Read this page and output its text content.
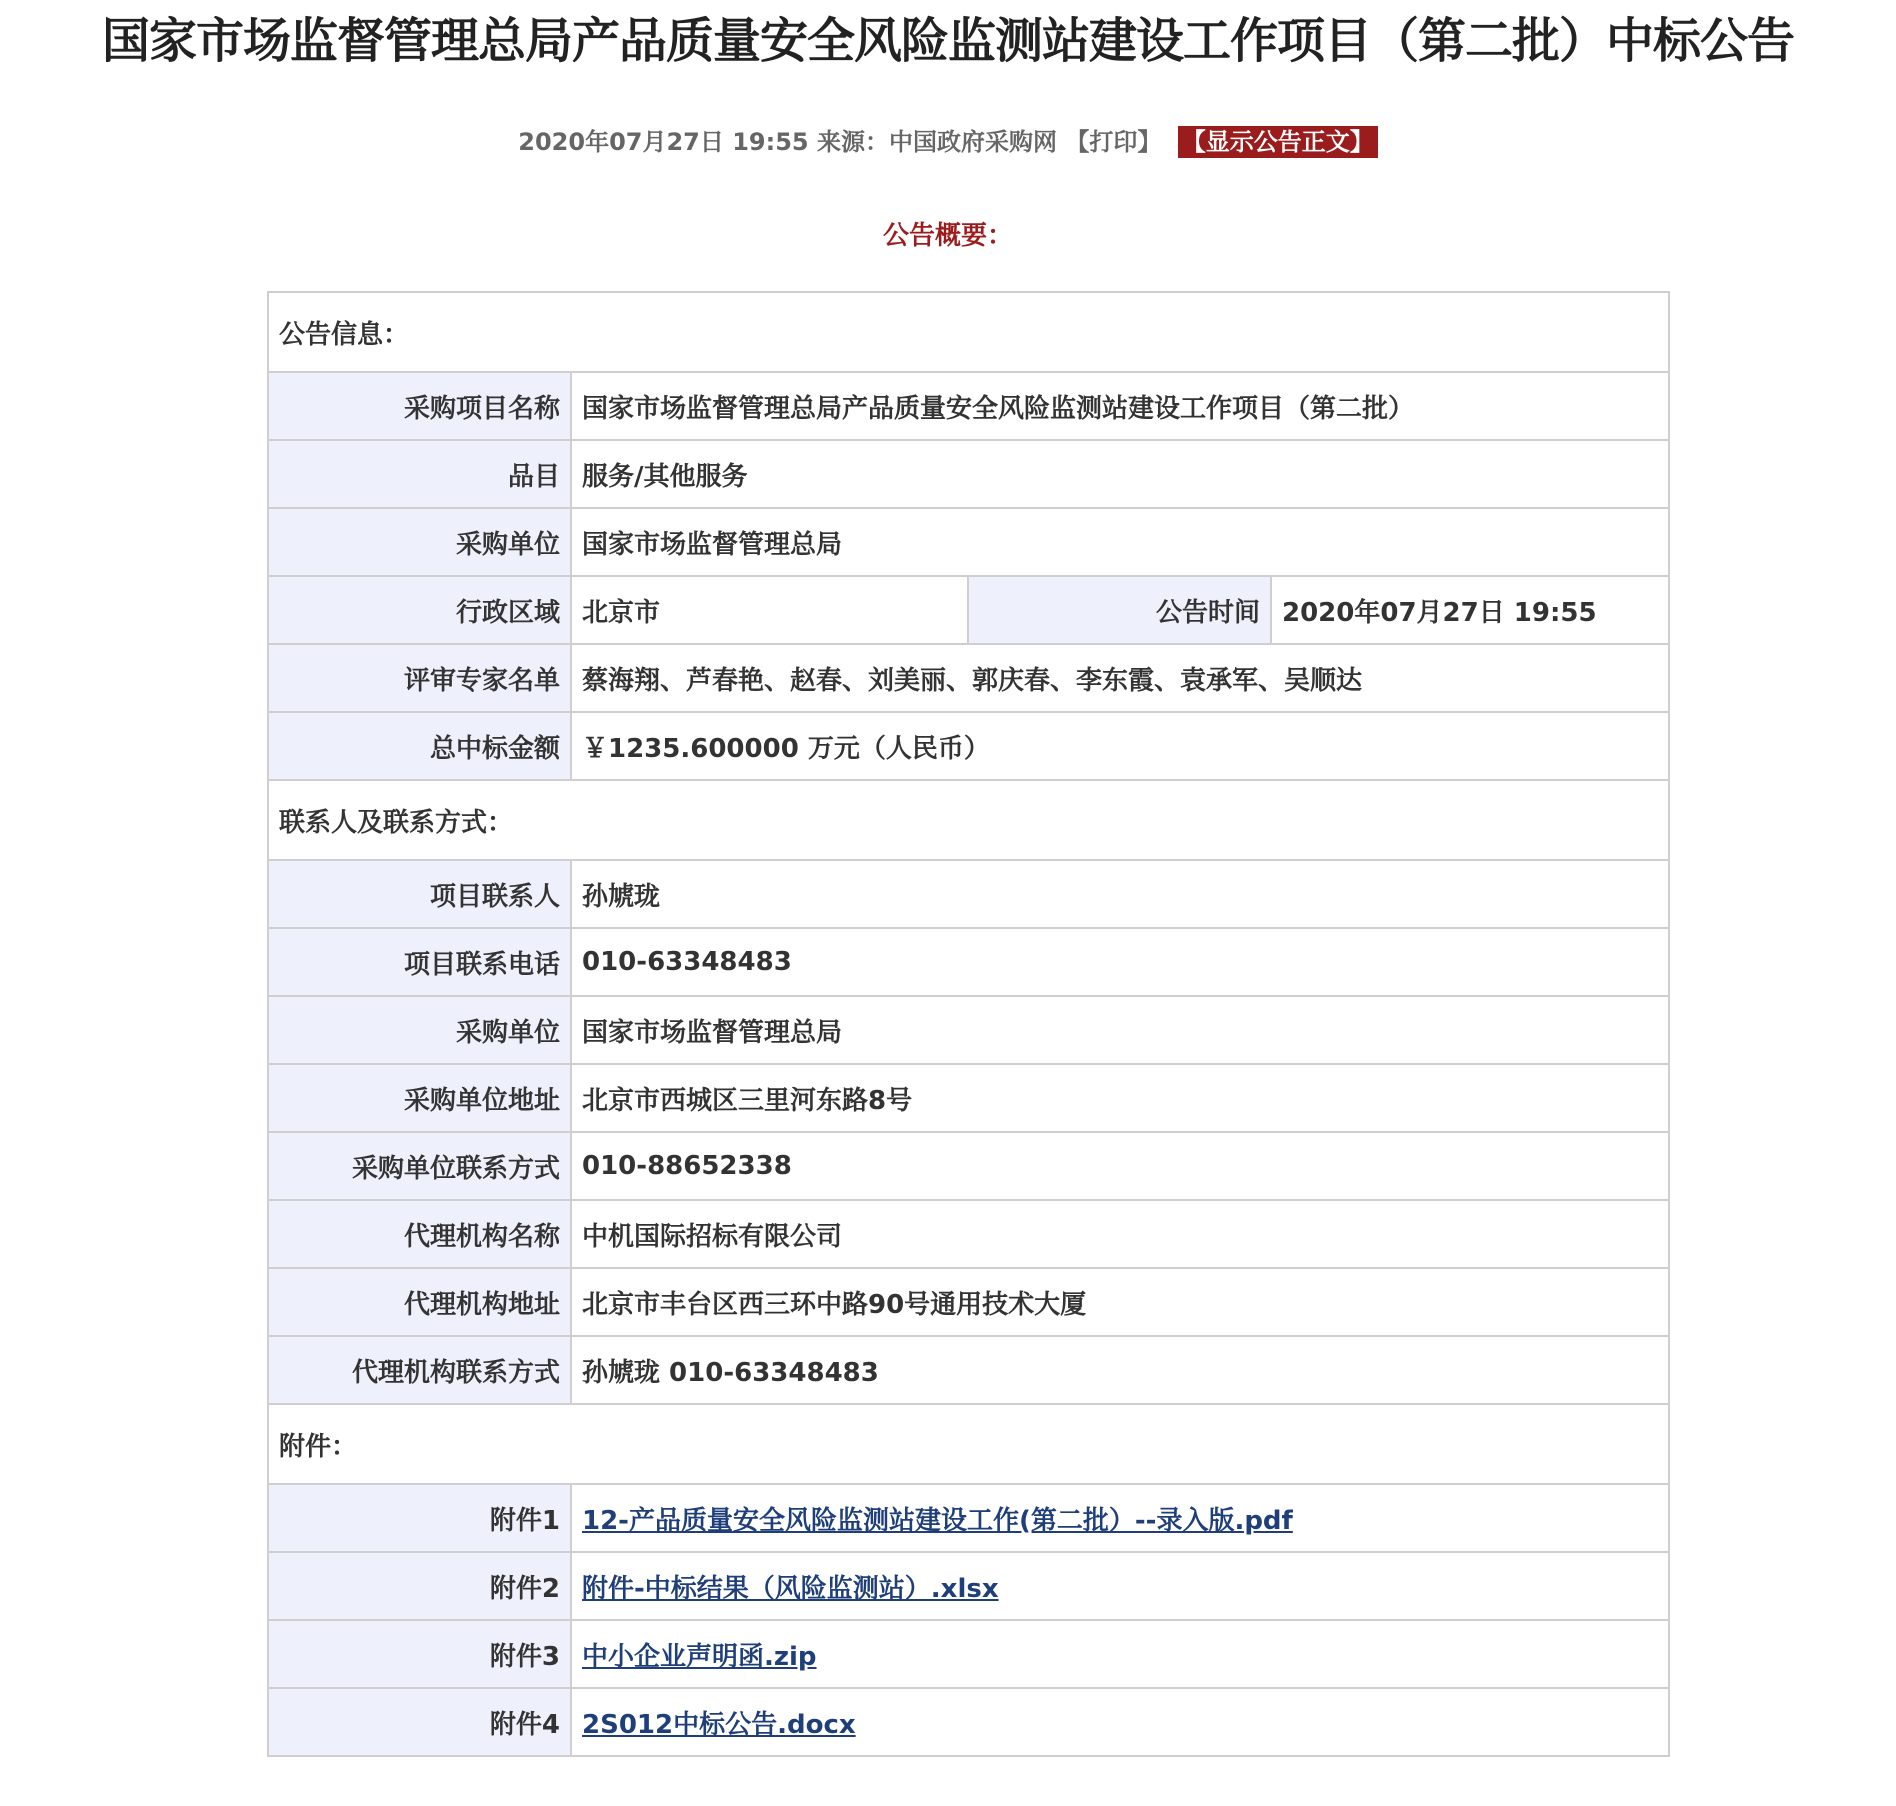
国家市场监督管理总局产品质量安全风险监测站建设工作项目（第二批）中标公告
2020年07月27日 19:55 来源：中国政府采购网 【打印】 【显示公告正文】
公告概要：
公告信息：			
采购项目名称	国家市场监督管理总局产品质量安全风险监测站建设工作项目（第二批）		
品目	服务/其他服务		
采购单位	国家市场监督管理总局		
行政区域	北京市	公告时间	2020年07月27日 19:55
评审专家名单	蔡海翔、芦春艳、赵春、刘美丽、郭庆春、李东霞、袁承军、吴顺达		
总中标金额	￥1235.600000 万元（人民币）		
联系人及联系方式：			
项目联系人	孙虓珑		
项目联系电话	010-63348483		
采购单位	国家市场监督管理总局		
采购单位地址	北京市西城区三里河东路8号		
采购单位联系方式	010-88652338		
代理机构名称	中机国际招标有限公司		
代理机构地址	北京市丰台区西三环中路90号通用技术大厦		
代理机构联系方式	孙虓珑 010-63348483		
附件：			
附件1	12-产品质量安全风险监测站建设工作(第二批）--录入版.pdf		
附件2	附件-中标结果（风险监测站）.xlsx		
附件3	中小企业声明函.zip		
附件4	2S012中标公告.docx		
